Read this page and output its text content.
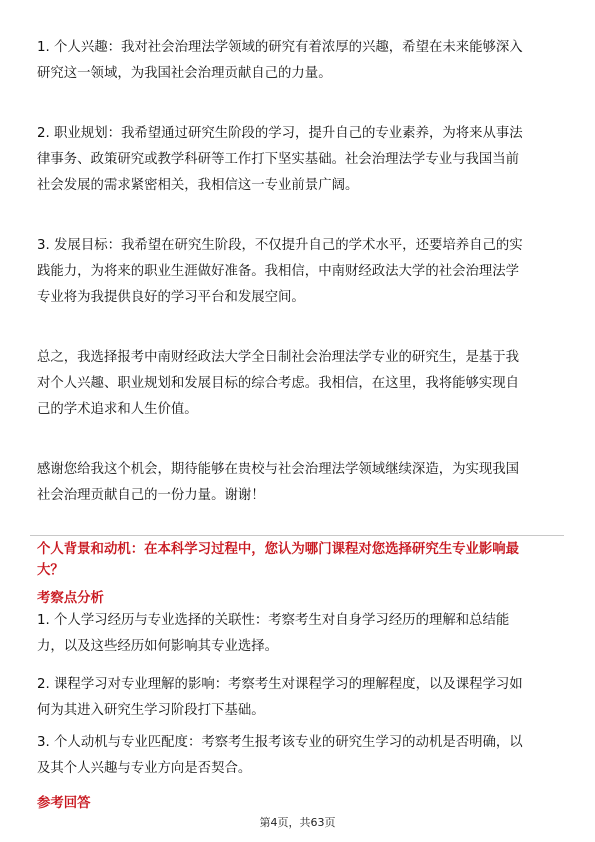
1. 个人兴趣：我对社会治理法学领域的研究有着浓厚的兴趣，希望在未来能够深入
研究这一领域，为我国社会治理贡献自己的力量。

2. 职业规划：我希望通过研究生阶段的学习，提升自己的专业素养，为将来从事法
律事务、政策研究或教学科研等工作打下坚实基础。社会治理法学专业与我国当前
社会发展的需求紧密相关，我相信这一专业前景广阔。

3. 发展目标：我希望在研究生阶段，不仅提升自己的学术水平，还要培养自己的实
践能力，为将来的职业生涯做好准备。我相信，中南财经政法大学的社会治理法学
专业将为我提供良好的学习平台和发展空间。

总之，我选择报考中南财经政法大学全日制社会治理法学专业的研究生，是基于我
对个人兴趣、职业规划和发展目标的综合考虑。我相信，在这里，我将能够实现自
己的学术追求和人生价值。

感谢您给我这个机会，期待能够在贵校与社会治理法学领域继续深造，为实现我国
社会治理贡献自己的一份力量。谢谢！

个人背景和动机：在本科学习过程中，您认为哪门课程对您选择研究生专业影响最
大？
考察点分析

1. 个人学习经历与专业选择的关联性：考察考生对自身学习经历的理解和总结能
力，以及这些经历如何影响其专业选择。

2. 课程学习对专业理解的影响：考察考生对课程学习的理解程度，以及课程学习如
何为其进入研究生学习阶段打下基础。

3. 个人动机与专业匹配度：考察考生报考该专业的研究生学习的动机是否明确，以
及其个人兴趣与专业方向是否契合。

参考回答
第4页，共63页
